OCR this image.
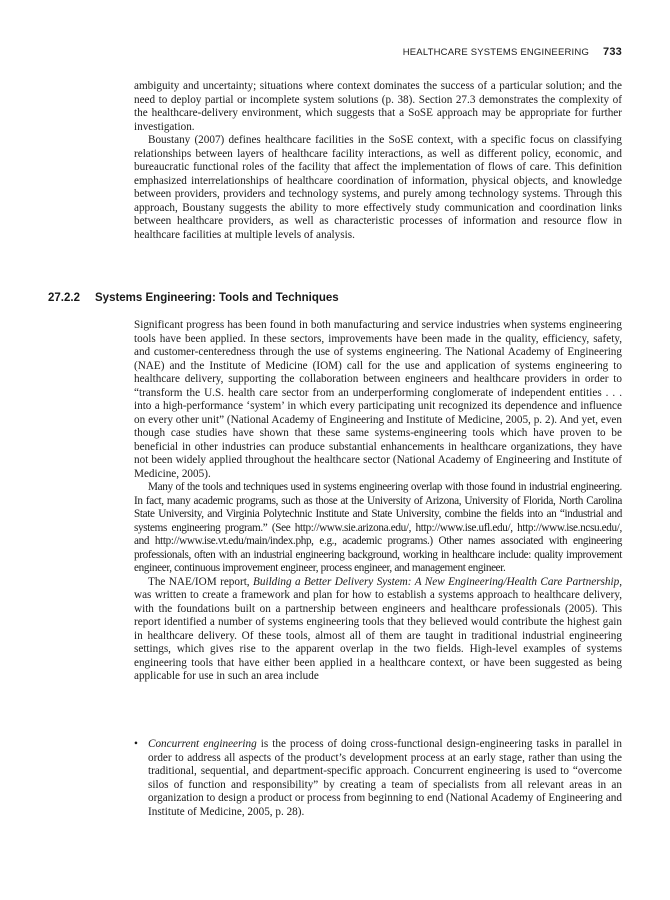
HEALTHCARE SYSTEMS ENGINEERING 733

ambiguity and uncertainty; situations where context dominates the success of a particular solution; and the need to deploy partial or incomplete system solutions (p. 38). Section 27.3 demonstrates the complexity of the healthcare-delivery environment, which suggests that a SoSE approach may be appropriate for further investigation.

Boustany (2007) defines healthcare facilities in the SoSE context, with a specific focus on classifying relationships between layers of healthcare facility interactions, as well as different policy, economic, and bureaucratic functional roles of the facility that affect the implementation of flows of care. This definition emphasized interrelationships of healthcare coordination of information, physical objects, and knowledge between providers, providers and technology systems, and purely among technology systems. Through this approach, Boustany suggests the ability to more effectively study communication and coordination links between healthcare providers, as well as characteristic processes of information and resource flow in healthcare facilities at multiple levels of analysis.

27.2.2 Systems Engineering: Tools and Techniques

Significant progress has been found in both manufacturing and service industries when systems engineering tools have been applied. In these sectors, improvements have been made in the quality, efficiency, safety, and customer-centeredness through the use of systems engineering. The National Academy of Engineering (NAE) and the Institute of Medicine (IOM) call for the use and application of systems engineering to healthcare delivery, supporting the collaboration between engineers and healthcare providers in order to “transform the U.S. health care sector from an underperforming conglomerate of independent entities . . . into a high-performance ‘system’ in which every participating unit recognized its dependence and influence on every other unit” (National Academy of Engineering and Institute of Medicine, 2005, p. 2). And yet, even though case studies have shown that these same systems-engineering tools which have proven to be beneficial in other industries can produce substantial enhancements in healthcare organizations, they have not been widely applied throughout the healthcare sector (National Academy of Engineering and Institute of Medicine, 2005).

Many of the tools and techniques used in systems engineering overlap with those found in industrial engineering. In fact, many academic programs, such as those at the University of Arizona, University of Florida, North Carolina State University, and Virginia Polytechnic Institute and State University, combine the fields into an “industrial and systems engineering program.” (See http://www.sie.arizona.edu/, http://www.ise.ufl.edu/, http://www.ise.ncsu.edu/, and http://www.ise.vt.edu/main/index.php, e.g., academic programs.) Other names associated with engineering professionals, often with an industrial engineering background, working in healthcare include: quality improvement engineer, continuous improvement engineer, process engineer, and management engineer.

The NAE/IOM report, Building a Better Delivery System: A New Engineering/Health Care Partnership, was written to create a framework and plan for how to establish a systems approach to healthcare delivery, with the foundations built on a partnership between engineers and healthcare professionals (2005). This report identified a number of systems engineering tools that they believed would contribute the highest gain in healthcare delivery. Of these tools, almost all of them are taught in traditional industrial engineering settings, which gives rise to the apparent overlap in the two fields. High-level examples of systems engineering tools that have either been applied in a healthcare context, or have been suggested as being applicable for use in such an area include

• Concurrent engineering is the process of doing cross-functional design-engineering tasks in parallel in order to address all aspects of the product’s development process at an early stage, rather than using the traditional, sequential, and department-specific approach. Concurrent engineering is used to “overcome silos of function and responsibility” by creating a team of specialists from all relevant areas in an organization to design a product or process from beginning to end (National Academy of Engineering and Institute of Medicine, 2005, p. 28).
